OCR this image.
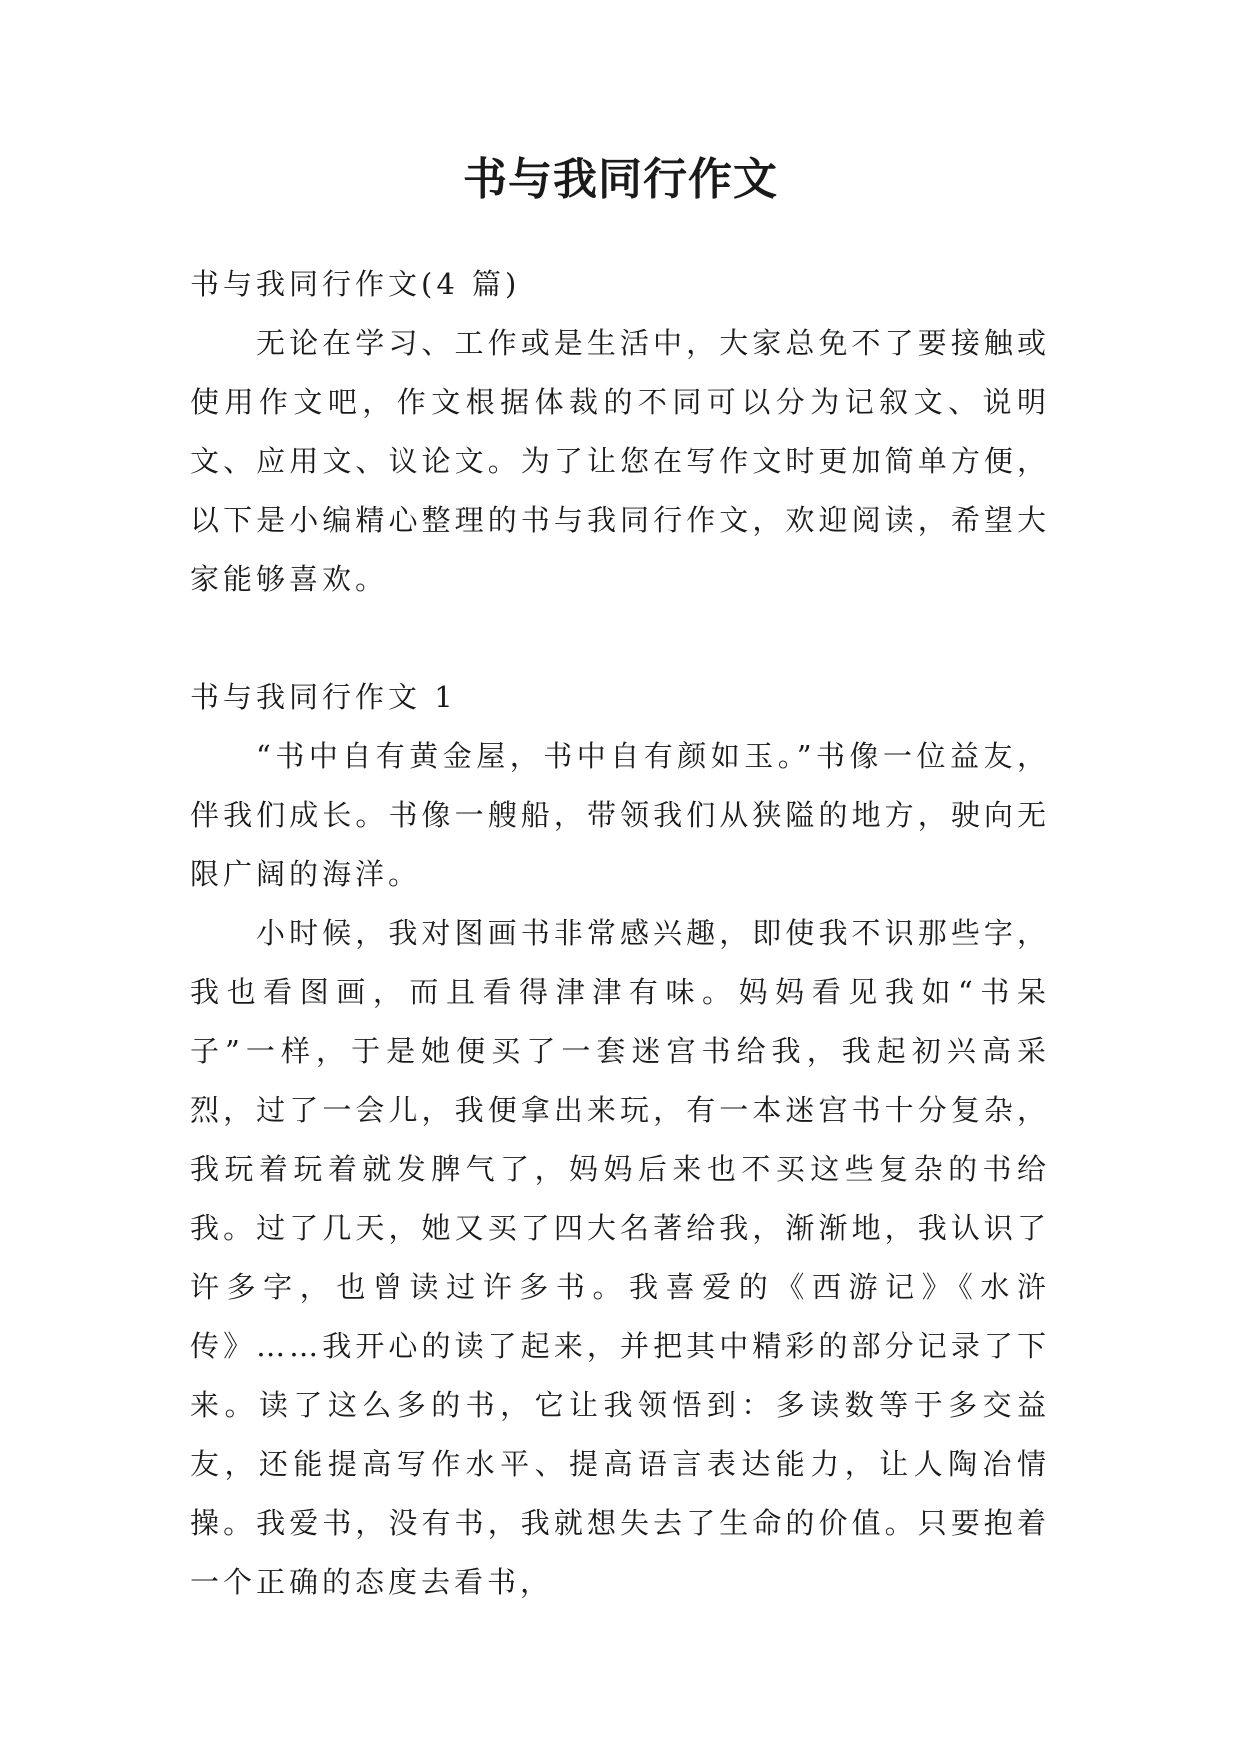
书与我同行作文

书与我同行作文(4 篇)

无论在学习、工作或是生活中，大家总免不了要接触或使用作文吧，作文根据体裁的不同可以分为记叙文、说明文、应用文、议论文。为了让您在写作文时更加简单方便，以下是小编精心整理的书与我同行作文，欢迎阅读，希望大家能够喜欢。

书与我同行作文 1

“书中自有黄金屋，书中自有颜如玉。”书像一位益友，伴我们成长。书像一艘船，带领我们从狭隘的地方，驶向无限广阔的海洋。

小时候，我对图画书非常感兴趣，即使我不识那些字，我也看图画，而且看得津津有味。妈妈看见我如“书呆子”一样，于是她便买了一套迷宫书给我，我起初兴高采烈，过了一会儿，我便拿出来玩，有一本迷宫书十分复杂，我玩着玩着就发脾气了，妈妈后来也不买这些复杂的书给我。过了几天，她又买了四大名著给我，渐渐地，我认识了许多字，也曾读过许多书。我喜爱的《西游记》《水浒传》……我开心的读了起来，并把其中精彩的部分记录了下来。读了这么多的书，它让我领悟到：多读数等于多交益友，还能提高写作水平、提高语言表达能力，让人陶冶情操。我爱书，没有书，我就想失去了生命的价值。只要抱着一个正确的态度去看书，
